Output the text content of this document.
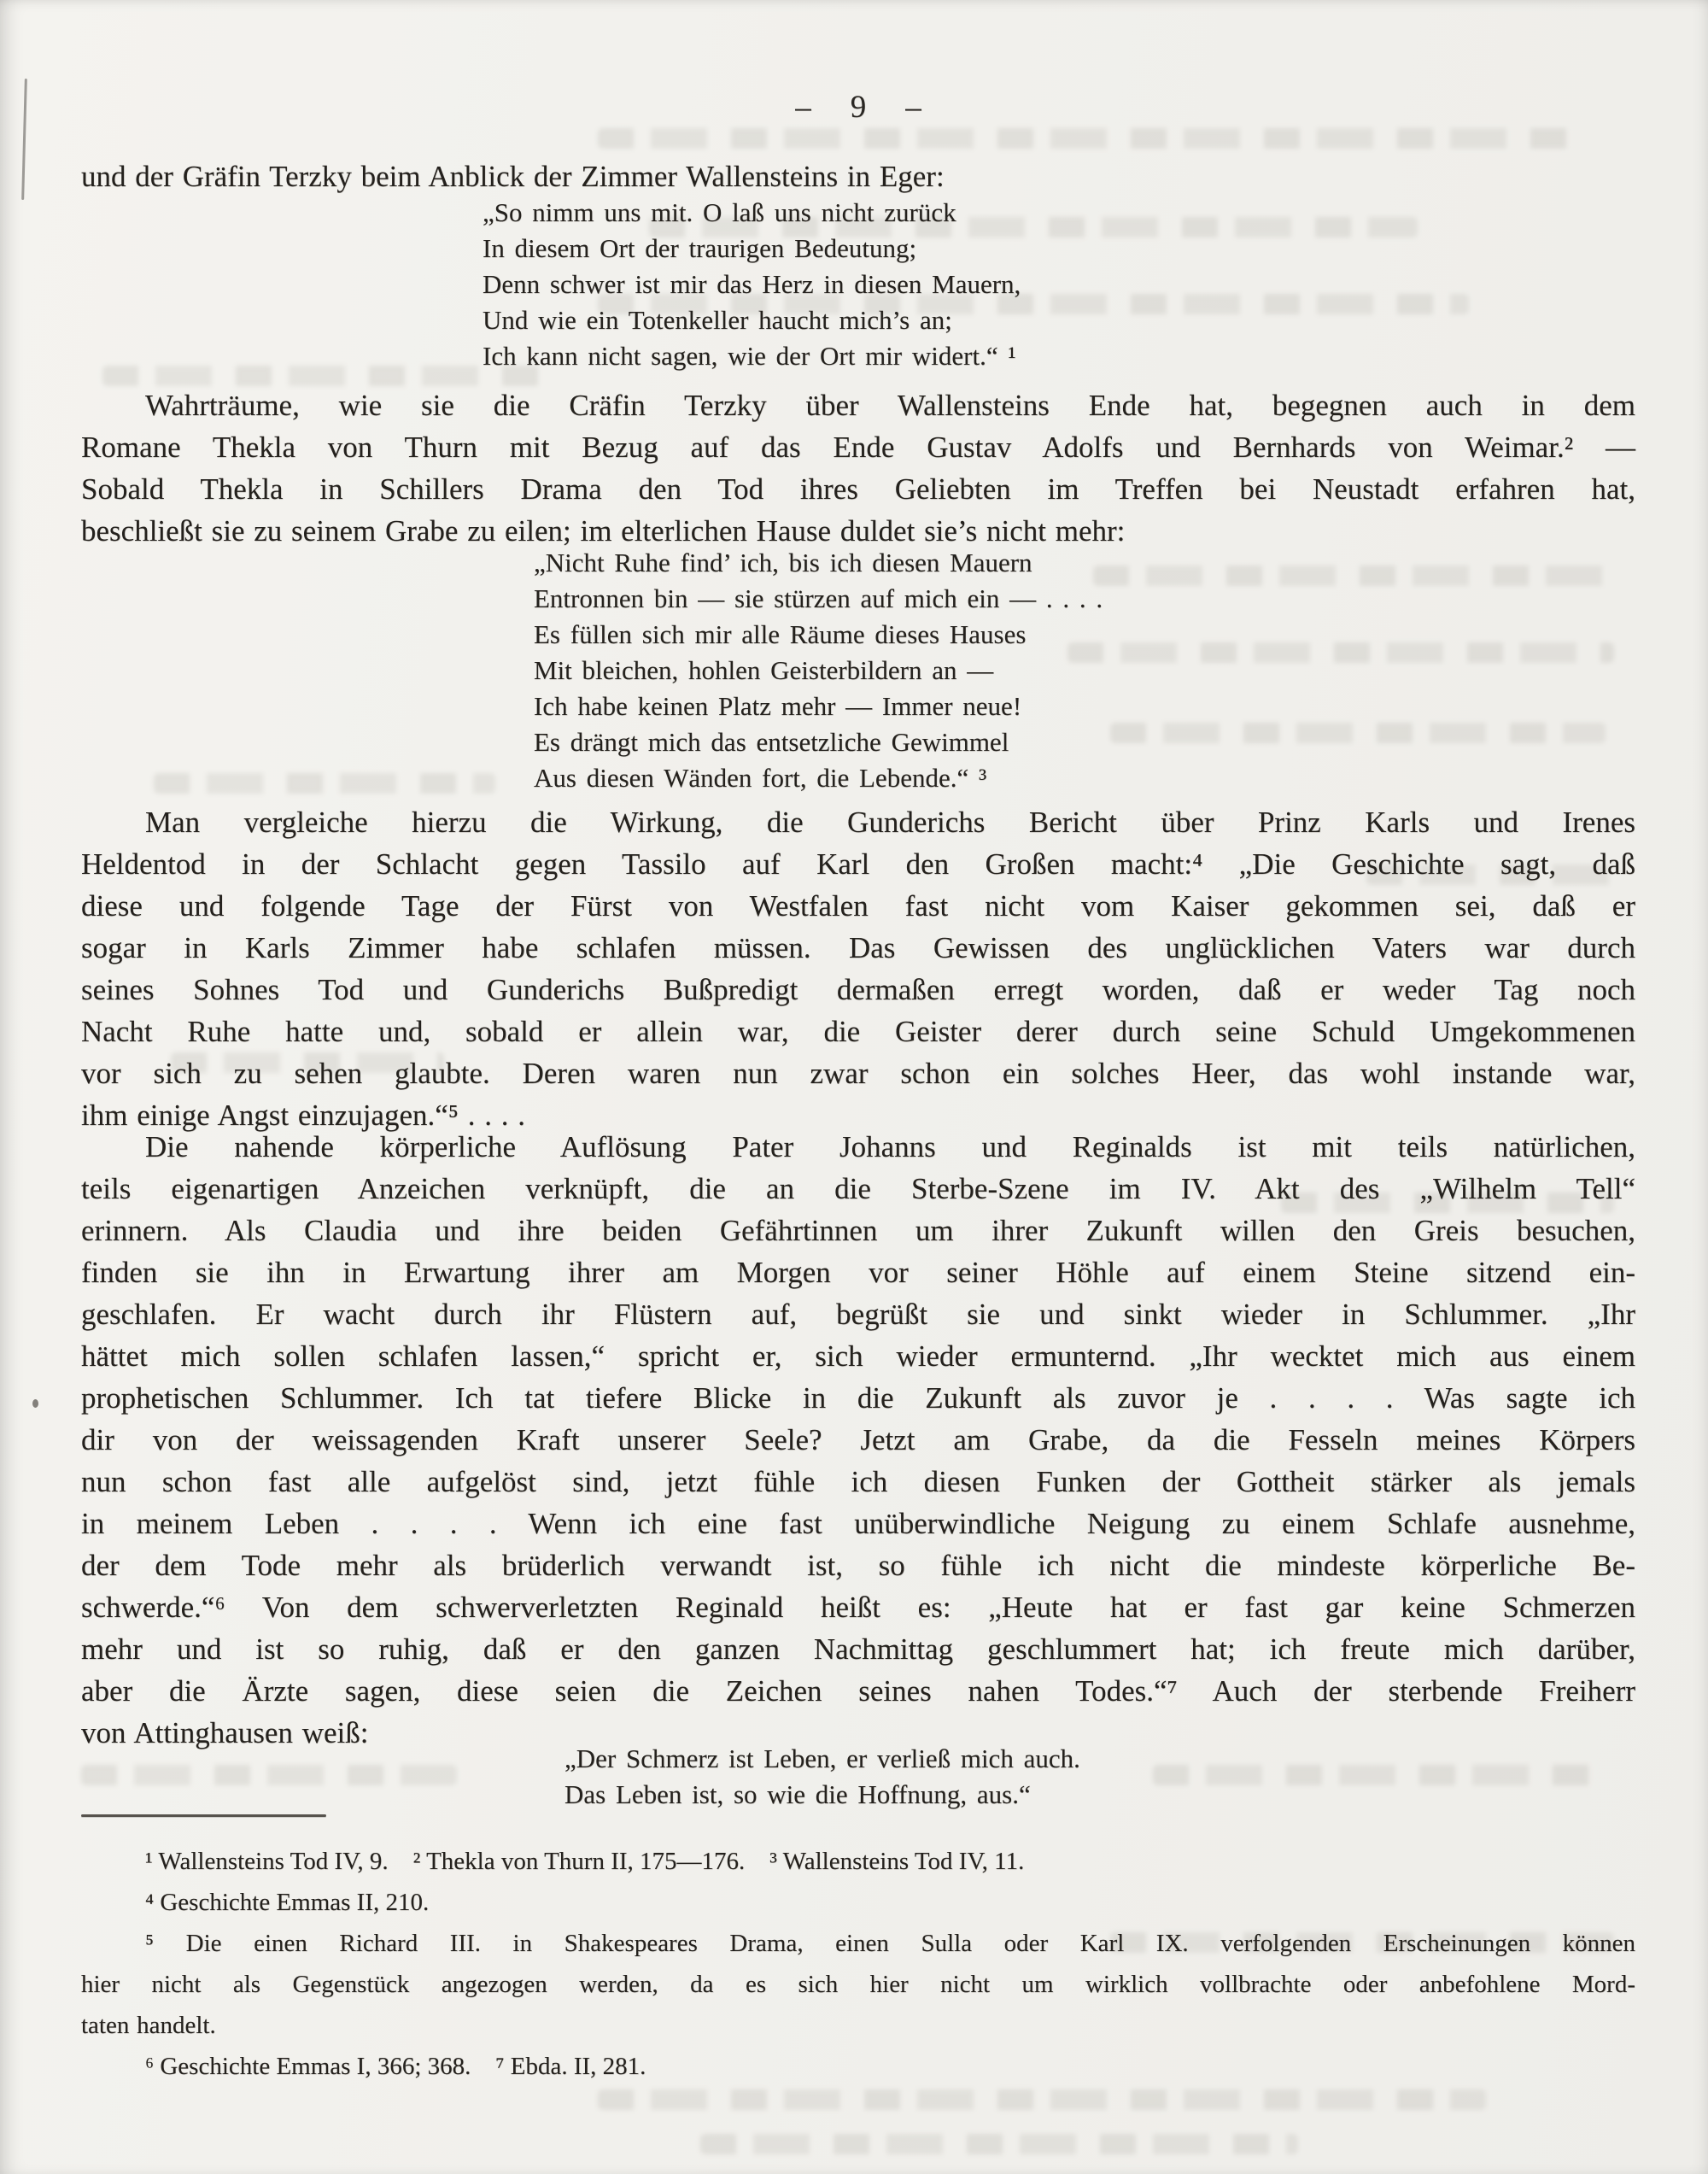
– 9 –
und der Gräfin Terzky beim Anblick der Zimmer Wallensteins in Eger:
„So nimm uns mit. O laß uns nicht zurück
In diesem Ort der traurigen Bedeutung;
Denn schwer ist mir das Herz in diesen Mauern,
Und wie ein Totenkeller haucht mich’s an;
Ich kann nicht sagen, wie der Ort mir widert.“ ¹
Wahrträume, wie sie die Cräfin Terzky über Wallensteins Ende hat, begegnen auch in dem
Romane Thekla von Thurn mit Bezug auf das Ende Gustav Adolfs und Bernhards von Weimar.² —
Sobald Thekla in Schillers Drama den Tod ihres Geliebten im Treffen bei Neustadt erfahren hat,
beschließt sie zu seinem Grabe zu eilen; im elterlichen Hause duldet sie’s nicht mehr:
„Nicht Ruhe find’ ich, bis ich diesen Mauern
Entronnen bin — sie stürzen auf mich ein — . . . .
Es füllen sich mir alle Räume dieses Hauses
Mit bleichen, hohlen Geisterbildern an —
Ich habe keinen Platz mehr — Immer neue!
Es drängt mich das entsetzliche Gewimmel
Aus diesen Wänden fort, die Lebende.“ ³
Man vergleiche hierzu die Wirkung, die Gunderichs Bericht über Prinz Karls und Irenes
Heldentod in der Schlacht gegen Tassilo auf Karl den Großen macht:⁴ „Die Geschichte sagt, daß
diese und folgende Tage der Fürst von Westfalen fast nicht vom Kaiser gekommen sei, daß er
sogar in Karls Zimmer habe schlafen müssen. Das Gewissen des unglücklichen Vaters war durch
seines Sohnes Tod und Gunderichs Bußpredigt dermaßen erregt worden, daß er weder Tag noch
Nacht Ruhe hatte und, sobald er allein war, die Geister derer durch seine Schuld Umgekommenen
vor sich zu sehen glaubte. Deren waren nun zwar schon ein solches Heer, das wohl instande war,
ihm einige Angst einzujagen.“⁵ . . . .
Die nahende körperliche Auflösung Pater Johanns und Reginalds ist mit teils natürlichen,
teils eigenartigen Anzeichen verknüpft, die an die Sterbe-Szene im IV. Akt des „Wilhelm Tell“
erinnern. Als Claudia und ihre beiden Gefährtinnen um ihrer Zukunft willen den Greis besuchen,
finden sie ihn in Erwartung ihrer am Morgen vor seiner Höhle auf einem Steine sitzend ein-
geschlafen. Er wacht durch ihr Flüstern auf, begrüßt sie und sinkt wieder in Schlummer. „Ihr
hättet mich sollen schlafen lassen,“ spricht er, sich wieder ermunternd. „Ihr wecktet mich aus einem
prophetischen Schlummer. Ich tat tiefere Blicke in die Zukunft als zuvor je . . . . Was sagte ich
dir von der weissagenden Kraft unserer Seele? Jetzt am Grabe, da die Fesseln meines Körpers
nun schon fast alle aufgelöst sind, jetzt fühle ich diesen Funken der Gottheit stärker als jemals
in meinem Leben . . . . Wenn ich eine fast unüberwindliche Neigung zu einem Schlafe ausnehme,
der dem Tode mehr als brüderlich verwandt ist, so fühle ich nicht die mindeste körperliche Be-
schwerde.“⁶ Von dem schwerverletzten Reginald heißt es: „Heute hat er fast gar keine Schmerzen
mehr und ist so ruhig, daß er den ganzen Nachmittag geschlummert hat; ich freute mich darüber,
aber die Ärzte sagen, diese seien die Zeichen seines nahen Todes.“⁷ Auch der sterbende Freiherr
von Attinghausen weiß:
„Der Schmerz ist Leben, er verließ mich auch.
Das Leben ist, so wie die Hoffnung, aus.“
¹ Wallensteins Tod IV, 9. ² Thekla von Thurn II, 175—176. ³ Wallensteins Tod IV, 11.
⁴ Geschichte Emmas II, 210.
⁵ Die einen Richard III. in Shakespeares Drama, einen Sulla oder Karl IX. verfolgenden Erscheinungen können
hier nicht als Gegenstück angezogen werden, da es sich hier nicht um wirklich vollbrachte oder anbefohlene Mord-
taten handelt.
⁶ Geschichte Emmas I, 366; 368. ⁷ Ebda. II, 281.
